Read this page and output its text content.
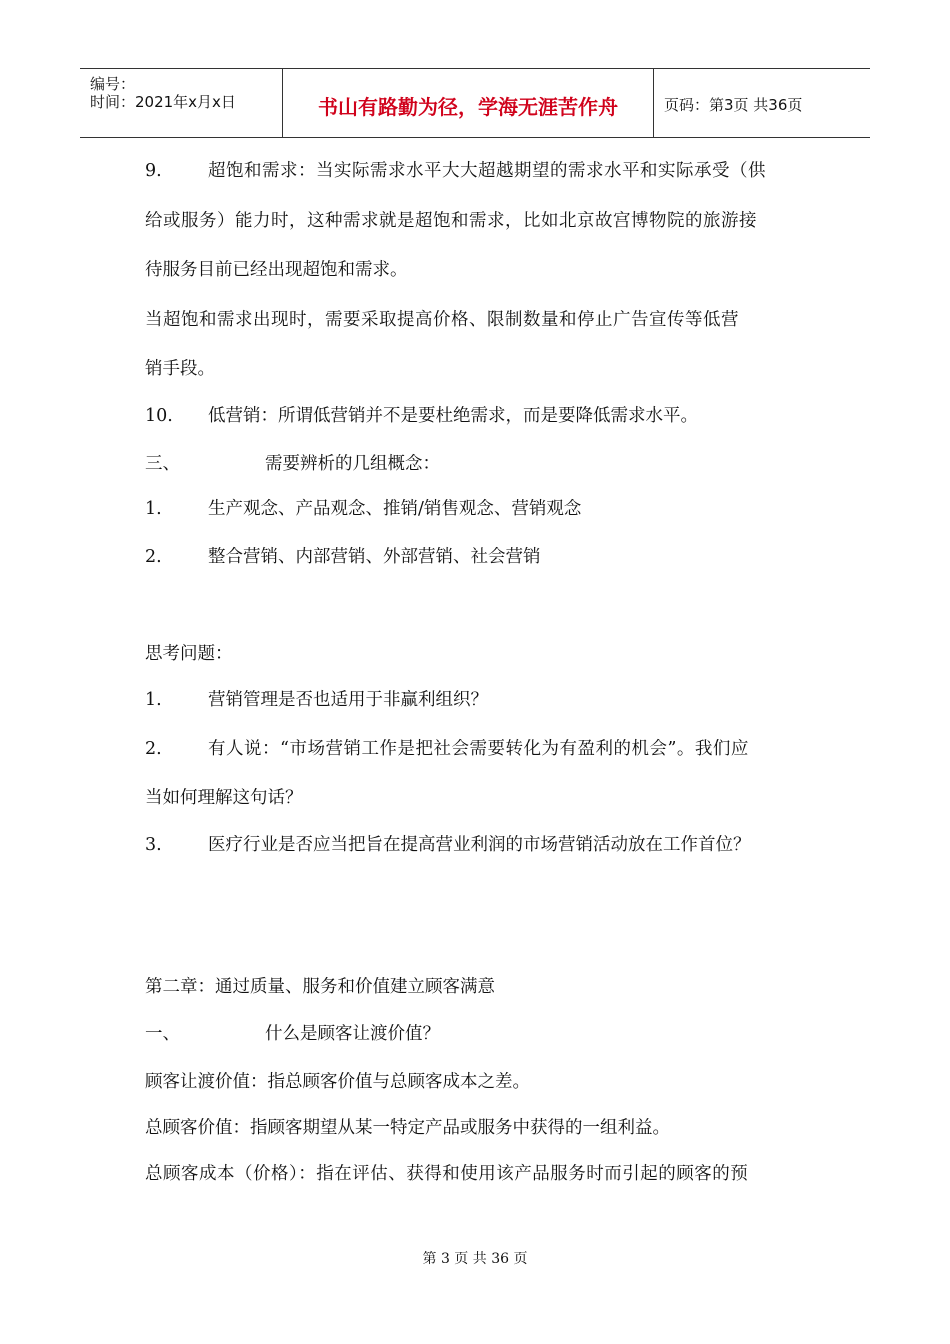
编号：
时间：2021年x月x日	书山有路勤为径，学海无涯苦作舟	页码：第3页 共36页
9.	超饱和需求：当实际需求水平大大超越期望的需求水平和实际承受（供
给或服务）能力时，这种需求就是超饱和需求，比如北京故宫博物院的旅游接
待服务目前已经出现超饱和需求。
当超饱和需求出现时，需要采取提高价格、限制数量和停止广告宣传等低营
销手段。
10. 低营销：所谓低营销并不是要杜绝需求，而是要降低需求水平。
三、	需要辨析的几组概念：
1.	生产观念、产品观念、推销/销售观念、营销观念
2.	整合营销、内部营销、外部营销、社会营销
思考问题：
1.	营销管理是否也适用于非赢利组织？
2.	有人说：“市场营销工作是把社会需要转化为有盈利的机会”。我们应
当如何理解这句话？
3.	医疗行业是否应当把旨在提高营业利润的市场营销活动放在工作首位？
第二章：通过质量、服务和价值建立顾客满意
一、	什么是顾客让渡价值？
顾客让渡价值：指总顾客价值与总顾客成本之差。
总顾客价值：指顾客期望从某一特定产品或服务中获得的一组利益。
总顾客成本（价格）：指在评估、获得和使用该产品服务时而引起的顾客的预
第 3 页 共 36 页
